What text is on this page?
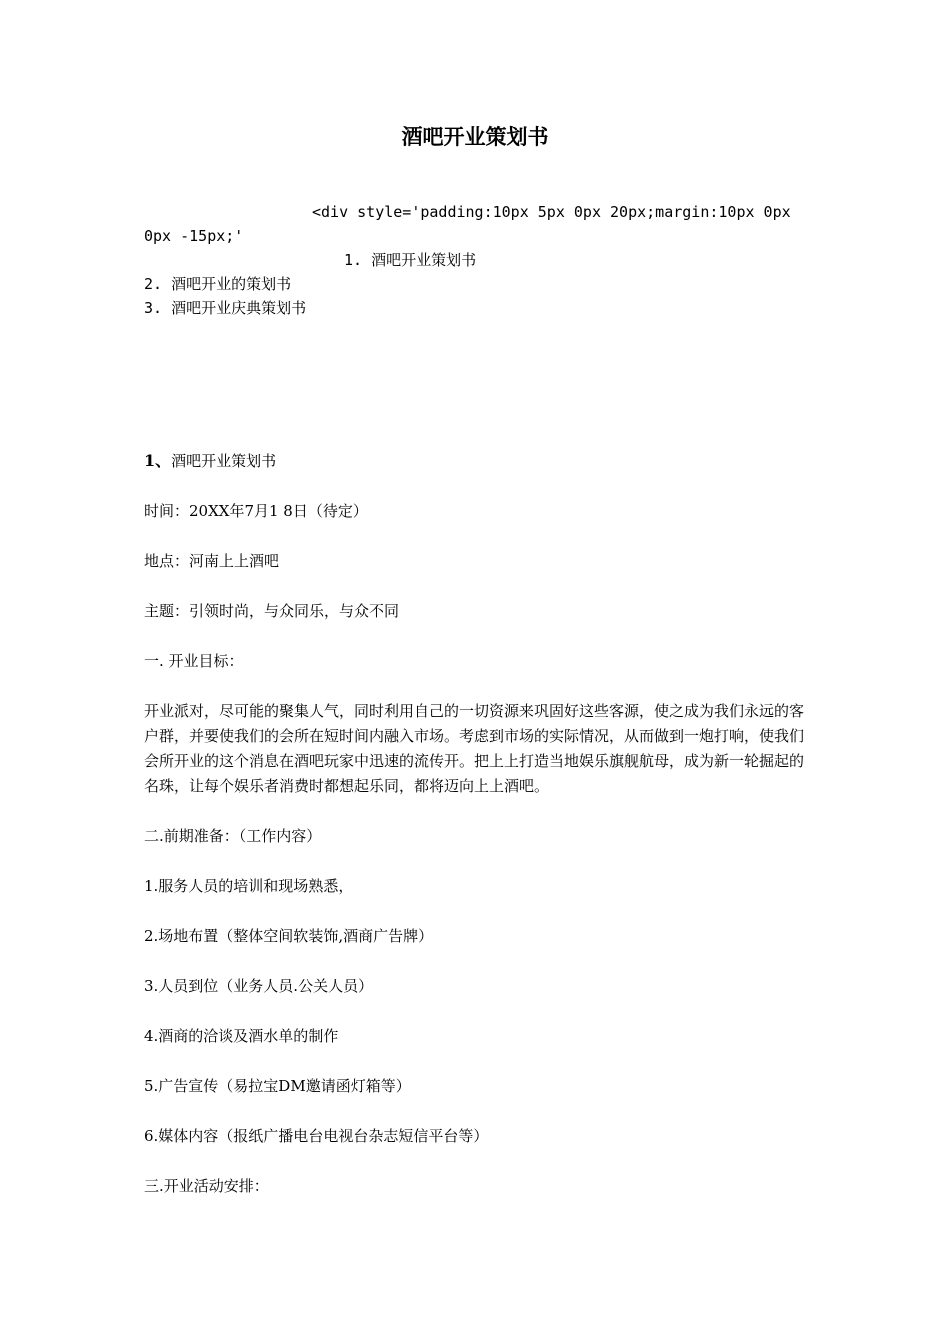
酒吧开业策划书
<div style='padding:10px 5px 0px 20px;margin:10px 0px 0px -15px;'
1. 酒吧开业策划书
2. 酒吧开业的策划书
3. 酒吧开业庆典策划书

1、酒吧开业策划书

时间：20XX年7月1 8日（待定）

地点：河南上上酒吧

主题：引领时尚，与众同乐，与众不同

一. 开业目标：

开业派对，尽可能的聚集人气，同时利用自己的一切资源来巩固好这些客源，使之成为我们永远的客户群，并要使我们的会所在短时间内融入市场。考虑到市场的实际情况，从而做到一炮打响，使我们会所开业的这个消息在酒吧玩家中迅速的流传开。把上上打造当地娱乐旗舰航母，成为新一轮掘起的名珠，让每个娱乐者消费时都想起乐同，都将迈向上上酒吧。

二.前期准备：（工作内容）

1.服务人员的培训和现场熟悉，

2.场地布置（整体空间软装饰,酒商广告牌）

3.人员到位（业务人员.公关人员）

4.酒商的洽谈及酒水单的制作

5.广告宣传（易拉宝DM邀请函灯箱等）

6.媒体内容（报纸广播电台电视台杂志短信平台等）

三.开业活动安排：
